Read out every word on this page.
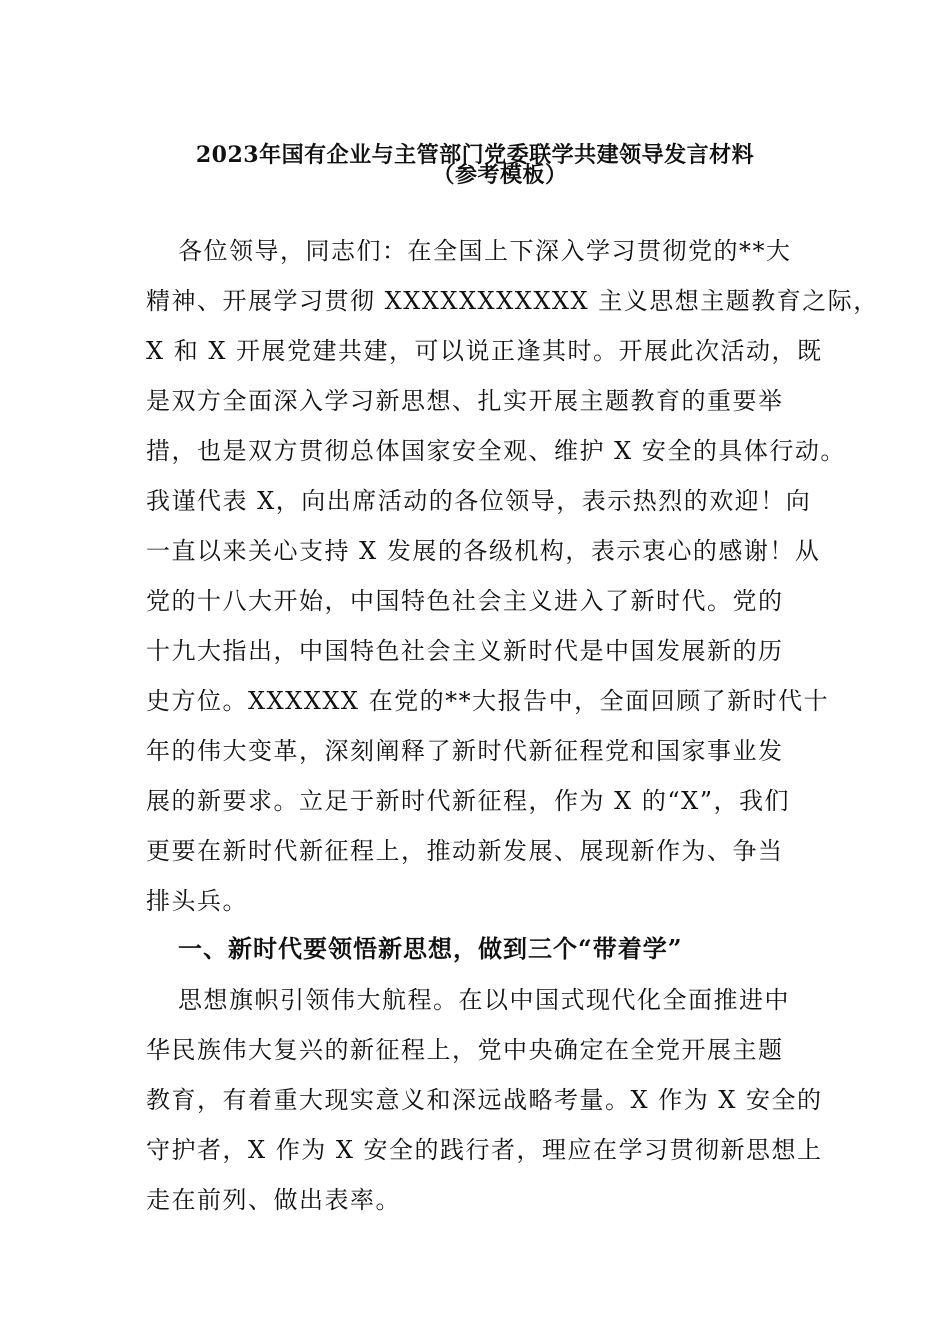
2023年国有企业与主管部门党委联学共建领导发言材料
（参考模板）
各位领导，同志们：在全国上下深入学习贯彻党的**大
精神、开展学习贯彻 XXXXXXXXXXX 主义思想主题教育之际，
X 和 X 开展党建共建，可以说正逢其时。开展此次活动，既
是双方全面深入学习新思想、扎实开展主题教育的重要举
措，也是双方贯彻总体国家安全观、维护 X 安全的具体行动。
我谨代表 X，向出席活动的各位领导，表示热烈的欢迎！向
一直以来关心支持 X 发展的各级机构，表示衷心的感谢！从
党的十八大开始，中国特色社会主义进入了新时代。党的
十九大指出，中国特色社会主义新时代是中国发展新的历
史方位。XXXXXX 在党的**大报告中，全面回顾了新时代十
年的伟大变革，深刻阐释了新时代新征程党和国家事业发
展的新要求。立足于新时代新征程，作为 X 的“X”，我们
更要在新时代新征程上，推动新发展、展现新作为、争当
排头兵。
一、新时代要领悟新思想，做到三个“带着学”
思想旗帜引领伟大航程。在以中国式现代化全面推进中
华民族伟大复兴的新征程上，党中央确定在全党开展主题
教育，有着重大现实意义和深远战略考量。X 作为 X 安全的
守护者，X 作为 X 安全的践行者，理应在学习贯彻新思想上
走在前列、做出表率。
